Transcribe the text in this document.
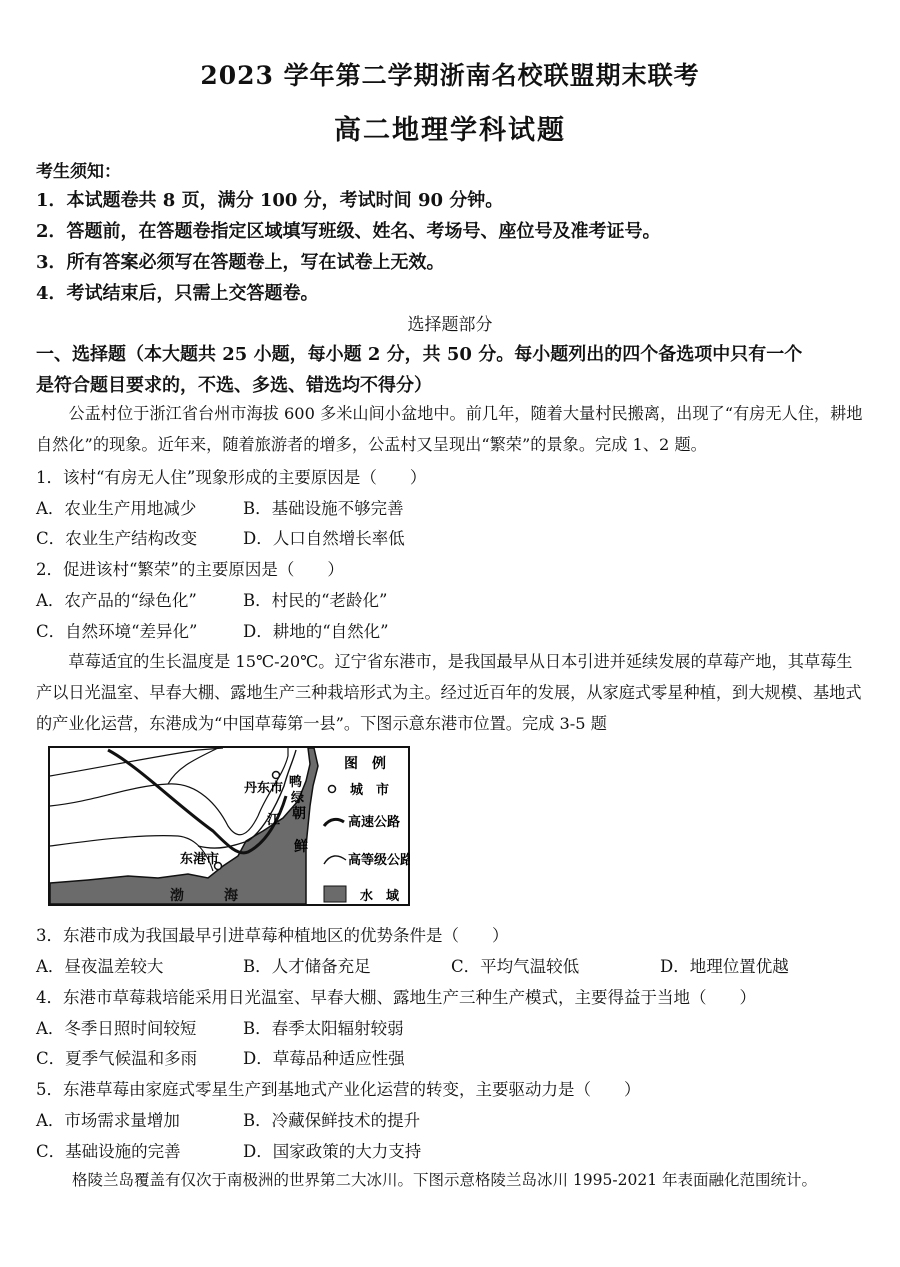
2023 学年第二学期浙南名校联盟期末联考
高二地理学科试题
考生须知：
1．本试题卷共 8 页，满分 100 分，考试时间 90 分钟。
2．答题前，在答题卷指定区域填写班级、姓名、考场号、座位号及准考证号。
3．所有答案必须写在答题卷上，写在试卷上无效。
4．考试结束后，只需上交答题卷。
选择题部分
一、选择题（本大题共 25 小题，每小题 2 分，共 50 分。每小题列出的四个备选项中只有一个
是符合题目要求的，不选、多选、错选均不得分）
公盂村位于浙江省台州市海拔 600 多米山间小盆地中。前几年，随着大量村民搬离，出现了“有房无人住，耕地自然化”的现象。近年来，随着旅游者的增多，公盂村又呈现出“繁荣”的景象。完成 1、2 题。
1．该村“有房无人住”现象形成的主要原因是（　　）
A．农业生产用地减少	B．基础设施不够完善
C．农业生产结构改变	D．人口自然增长率低
2．促进该村“繁荣”的主要原因是（　　）
A．农产品的“绿色化”	B．村民的“老龄化”
C．自然环境“差异化”	D．耕地的“自然化”
草莓适宜的生长温度是 15℃-20℃。辽宁省东港市，是我国最早从日本引进并延续发展的草莓产地，其草莓生产以日光温室、早春大棚、露地生产三种栽培形式为主。经过近百年的发展，从家庭式零星种植，到大规模、基地式的产业化运营，东港成为“中国草莓第一县”。下图示意东港市位置。完成 3-5 题
丹东市
东港市
渤	海
鸭
绿
江 朝
鲜
图　例
城　市
高速公路
高等级公路
水　域
3．东港市成为我国最早引进草莓种植地区的优势条件是（　　）
A．昼夜温差较大	B．人才储备充足	C．平均气温较低	D．地理位置优越
4．东港市草莓栽培能采用日光温室、早春大棚、露地生产三种生产模式，主要得益于当地（　　）
A．冬季日照时间较短	B．春季太阳辐射较弱
C．夏季气候温和多雨	D．草莓品种适应性强
5．东港草莓由家庭式零星生产到基地式产业化运营的转变，主要驱动力是（　　）
A．市场需求量增加	B．冷藏保鲜技术的提升
C．基础设施的完善	D．国家政策的大力支持
格陵兰岛覆盖有仅次于南极洲的世界第二大冰川。下图示意格陵兰岛冰川 1995-2021 年表面融化范围统计。
